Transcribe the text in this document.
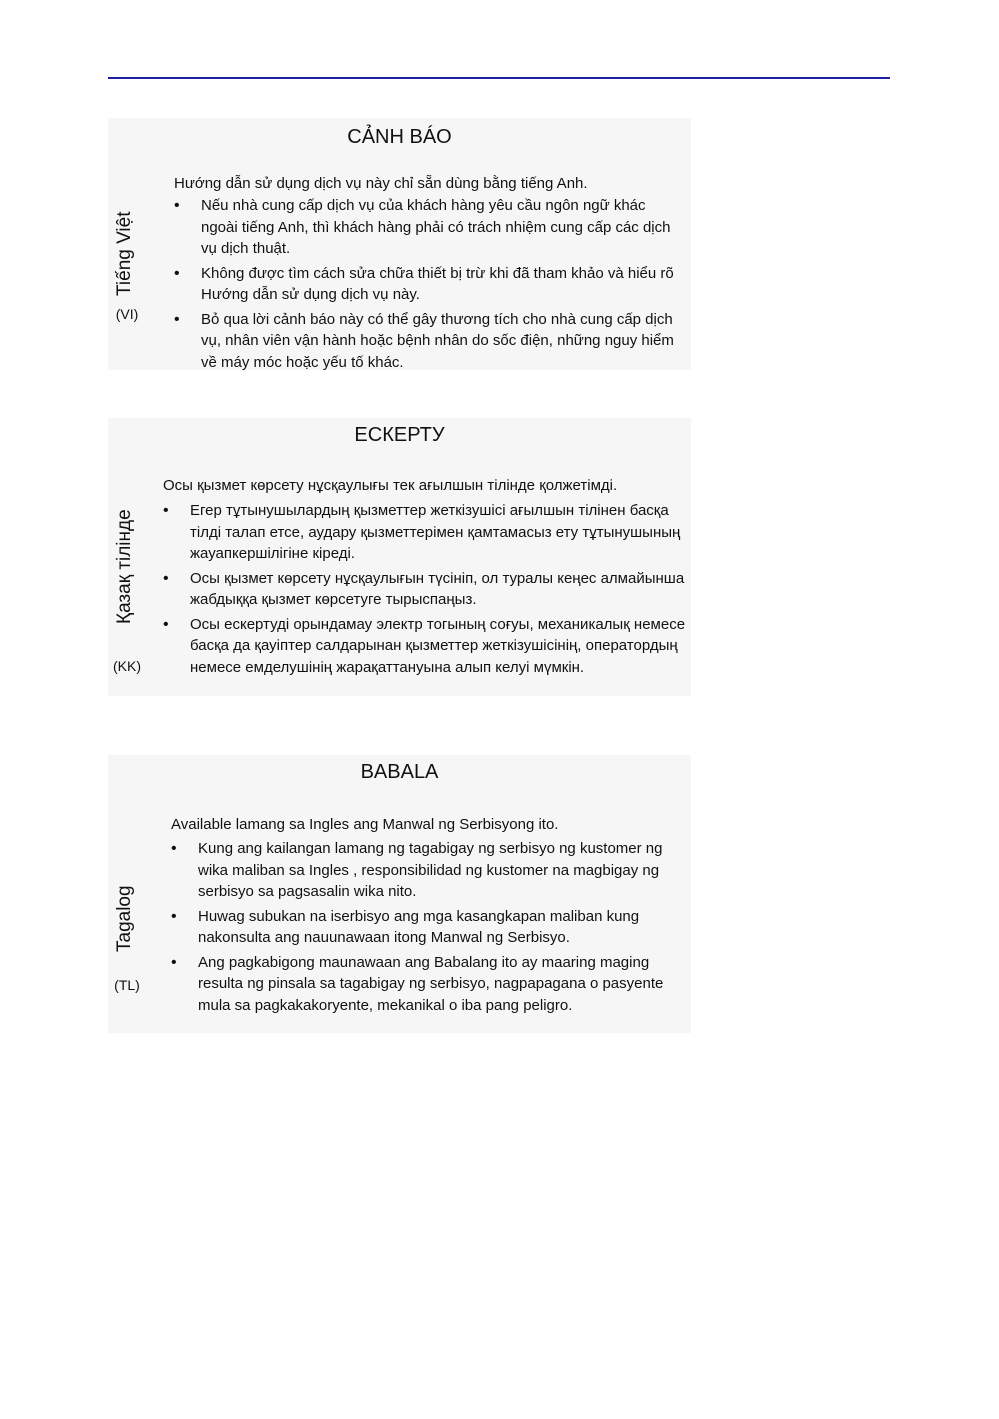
Tiếng Việt
(VI)
CẢNH BÁO
Hướng dẫn sử dụng dịch vụ này chỉ sẵn dùng bằng tiếng Anh.
• Nếu nhà cung cấp dịch vụ của khách hàng yêu cầu ngôn ngữ khác ngoài tiếng Anh, thì khách hàng phải có trách nhiệm cung cấp các dịch vụ dịch thuật.
• Không được tìm cách sửa chữa thiết bị trừ khi đã tham khảo và hiểu rõ Hướng dẫn sử dụng dịch vụ này.
• Bỏ qua lời cảnh báo này có thể gây thương tích cho nhà cung cấp dịch vụ, nhân viên vận hành hoặc bệnh nhân do sốc điện, những nguy hiểm về máy móc hoặc yếu tố khác.
Қазақ тілінде
(KK)
ЕСКЕРТУ
Осы қызмет көрсету нұсқаулығы тек ағылшын тілінде қолжетімді.
• Егер тұтынушылардың қызметтер жеткізушісі ағылшын тілінен басқа тілді талап етсе, аудару қызметтерімен қамтамасыз ету тұтынушының жауапкершілігіне кіреді.
• Осы қызмет көрсету нұсқаулығын түсініп, ол туралы кеңес алмайынша жабдыққа қызмет көрсетуге тырыспаңыз.
• Осы ескертуді орындамау электр тогының соғуы, механикалық немесе басқа да қауіптер салдарынан қызметтер жеткізушісінің, оператордың немесе емделушінің жарақаттануына алып келуі мүмкін.
Tagalog
(TL)
BABALA
Available lamang sa Ingles ang Manwal ng Serbisyong ito.
• Kung ang kailangan lamang ng tagabigay ng serbisyo ng kustomer ng wika maliban sa Ingles , responsibilidad ng kustomer na magbigay ng serbisyo sa pagsasalin wika nito.
• Huwag subukan na iserbisyo ang mga kasangkapan maliban kung nakonsulta ang nauunawaan itong Manwal ng Serbisyo.
• Ang pagkabigong maunawaan ang Babalang ito ay maaring maging resulta ng pinsala sa tagabigay ng serbisyo, nagpapagana o pasyente mula sa pagkakakoryente, mekanikal o iba pang peligro.
